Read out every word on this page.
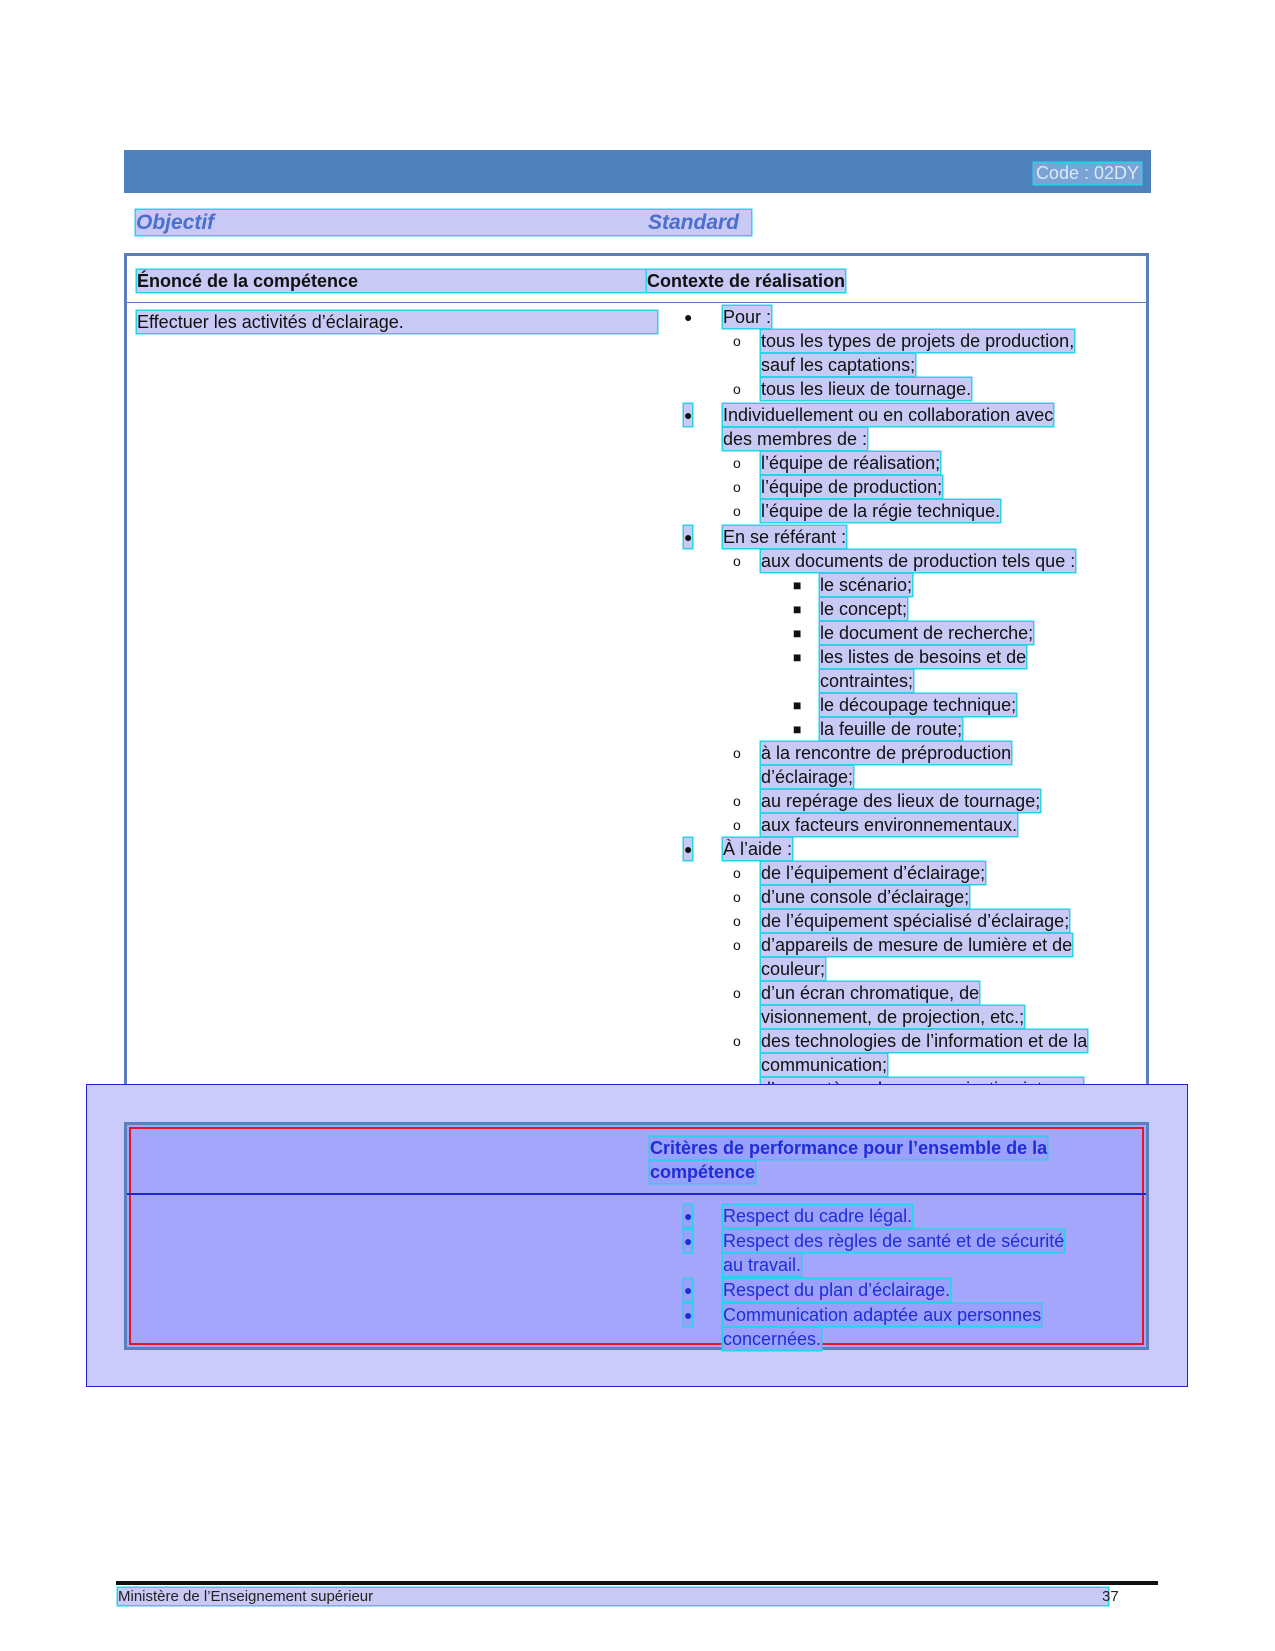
Code : 02DY
Objectif	Standard
Énoncé de la compétence	Contexte de réalisation
Effectuer les activités d’éclairage.	● Pour :
o tous les types de projets de production,
sauf les captations;
o tous les lieux de tournage.
● Individuellement ou en collaboration avec
des membres de :
o l’équipe de réalisation;
o l’équipe de production;
o l’équipe de la régie technique.
● En se référant :
o aux documents de production tels que :
■ le scénario;
■ le concept;
■ le document de recherche;
■ les listes de besoins et de
contraintes;
■ le découpage technique;
■ la feuille de route;
o à la rencontre de préproduction
d’éclairage;
o au repérage des lieux de tournage;
o aux facteurs environnementaux.
● À l’aide :
o de l’équipement d’éclairage;
o d’une console d’éclairage;
o de l’équipement spécialisé d’éclairage;
o d’appareils de mesure de lumière et de
couleur;
o d’un écran chromatique, de
visionnement, de projection, etc.;
o des technologies de l’information et de la
communication;
Critères de performance pour l’ensemble de la
compétence
● Respect du cadre légal.
● Respect des règles de santé et de sécurité
au travail.
● Respect du plan d’éclairage.
● Communication adaptée aux personnes
concernées.
Ministère de l’Enseignement supérieur	37
